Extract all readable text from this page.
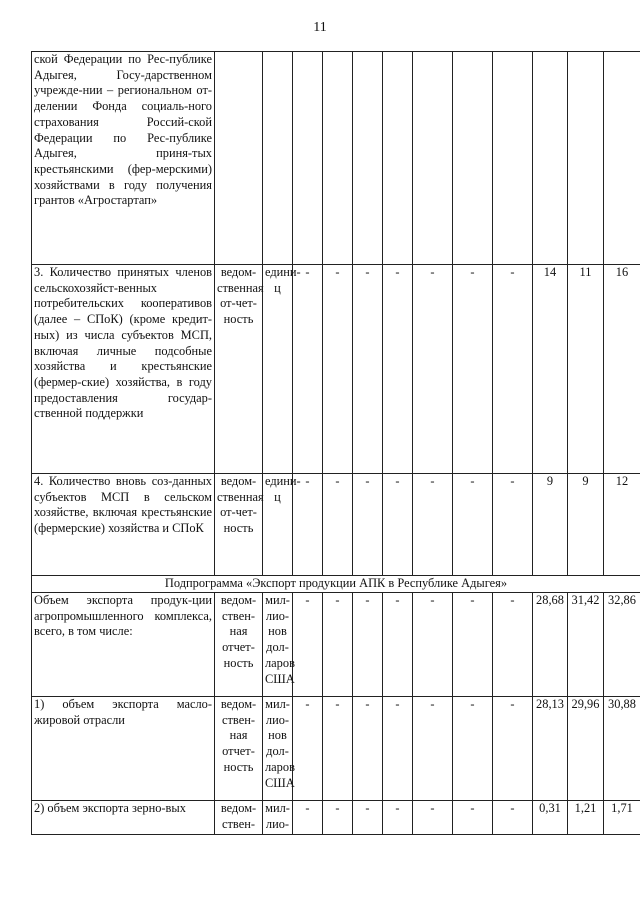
11
ской Федерации по Рес-публике Адыгея, Госу-дарственном учрежде-нии – региональном от-делении Фонда социаль-ного страхования Россий-ской Федерации по Рес-публике Адыгея, приня-тых крестьянскими (фер-мерскими) хозяйствами в году получения грантов «Агростартап»												
3. Количество принятых членов сельскохозяйст-венных потребительских кооперативов (далее – СПоК) (кроме кредит-ных) из числа субъектов МСП, включая личные подсобные хозяйства и крестьянские (фермер-ские) хозяйства, в году предоставления государ-ственной поддержки	ведом-ственная от-чет-ность	едини-ц	-	-	-	-	-	-	-	14	11	16
4. Количество вновь соз-данных субъектов МСП в сельском хозяйстве, включая крестьянские (фермерские) хозяйства и СПоК	ведом-ственная от-чет-ность	едини-ц	-	-	-	-	-	-	-	9	9	12
Подпрограмма «Экспорт продукции АПК в Республике Адыгея»												
Объем экспорта продук-ции агропромышленного комплекса, всего, в том числе:	ведом-ствен-ная отчет-ность	мил-лио-нов дол-ларов США	-	-	-	-	-	-	-	28,68	31,42	32,86
1) объем экспорта масло-жировой отрасли	ведом-ствен-ная отчет-ность	мил-лио-нов дол-ларов США	-	-	-	-	-	-	-	28,13	29,96	30,88
2) объем экспорта зерно-вых	ведом-ствен-	мил-лио-	-	-	-	-	-	-	-	0,31	1,21	1,71
